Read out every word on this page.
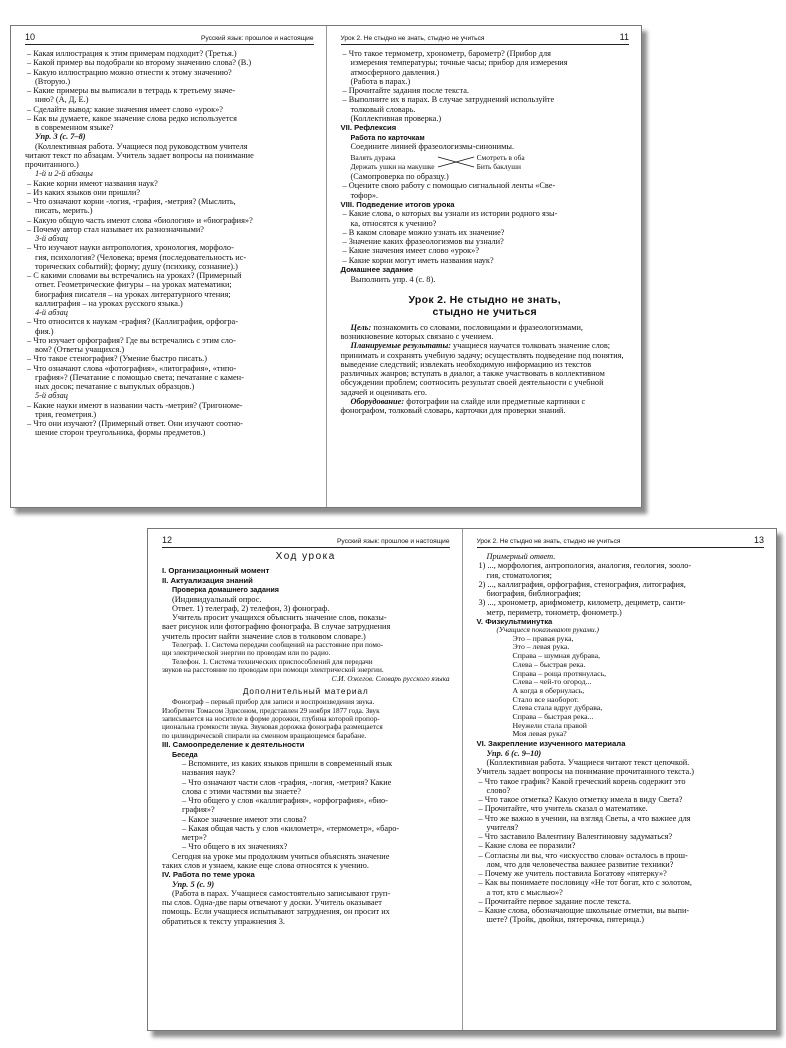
10	Русский язык: прошлое и настоящие

– Какая иллюстрация к этим примерам подходит? (Третья.)

– Какой пример вы подобрали ко второму значению слова? (В.)

– Какую иллюстрацию можно отнести к этому значению?

(Вторую.)

– Какие примеры вы выписали в тетрадь к третьему значе-

нию? (А, Д, Е.)

– Сделайте вывод: какие значения имеет слово «урок»?

– Как вы думаете, какое значение слова редко используется

в современном языке?

Упр. 3 (с. 7–8)

(Коллективная работа. Учащиеся под руководством учителя

читают текст по абзацам. Учитель задает вопросы на понимание

прочитанного.)

1-й и 2-й абзацы

– Какие корни имеют названия наук?

– Из каких языков они пришли?

– Что означают корни -логия, -графия, -метрия? (Мыслить,

писать, мерить.)

– Какую общую часть имеют слова «биология» и «биография»?

– Почему автор стал называет их разнозначными?

3-й абзац

– Что изучают науки антропология, хронология, морфоло-

гия, психология? (Человека; время (последовательность ис-

торических событий); форму; душу (психику, сознание).)

– С какими словами вы встречались на уроках? (Примерный

ответ. Геометрические фигуры – на уроках математики;

биография писателя – на уроках литературного чтения;

каллиграфия – на уроках русского языка.)

4-й абзац

– Что относится к наукам -графия? (Каллиграфия, орфогра-

фия.)

– Что изучает орфография? Где вы встречались с этим сло-

вом? (Ответы учащихся.)

– Что такое стенография? (Умение быстро писать.)

– Что означают слова «фотография», «литография», «типо-

графия»? (Печатание с помощью света; печатание с камен-

ных досок; печатание с выпуклых образцов.)

5-й абзац

– Какие науки имеют в названии часть -метрия? (Тригономе-

трия, геометрия.)

– Что они изучают? (Примерный ответ. Они изучают соотно-

шение сторон треугольника, формы предметов.)

Урок 2. Не стыдно не знать, стыдно не учиться	11

– Что такое термометр, хронометр, барометр? (Прибор для

измерения температуры; точные часы; прибор для измерения

атмосферного давления.)

(Работа в парах.)

– Прочитайте задания после текста.

– Выполните их в парах. В случае затруднений используйте

толковый словарь.

(Коллективная проверка.)

VII. Рефлексия

Работа по карточкам

Соедините линией фразеологизмы-синонимы.

Валять дурака
Держать ушки на макушке
Смотреть в оба
Бить баклуши

(Самопроверка по образцу.)

– Оцените свою работу с помощью сигнальной ленты «Све-

тофор».

VIII. Подведение итогов урока

– Какие слова, о которых вы узнали из истории родного язы-

ка, относятся к учению?

– В каком словаре можно узнать их значение?

– Значение каких фразеологизмов вы узнали?

– Какие значения имеет слово «урок»?

– Какие корни могут иметь названия наук?

Домашнее задание

Выполнить упр. 4 (с. 8).

Урок 2. Не стыдно не знать,
стыдно не учиться

Цель: познакомить со словами, пословицами и фразеологизмами, возникновение которых связано с учением.

Планируемые результаты: учащиеся научатся толковать значение слов; принимать и сохранять учебную задачу; осуществлять подведение под понятия, выведение следствий; извлекать необходимую информацию из текстов различных жанров; вступать в диалог, а также участвовать в коллективном обсуждении проблем; соотносить результат своей деятельности с учебной задачей и оценивать его.

Оборудование: фотографии на слайде или предметные картинки с фонографом, толковый словарь, карточки для проверки знаний.

12	Русский язык: прошлое и настоящие
Ход урока

I. Организационный момент

II. Актуализация знаний

Проверка домашнего задания

(Индивидуальный опрос.

Ответ. 1) телеграф, 2) телефон, 3) фонограф.

Учитель просит учащихся объяснить значение слов, показы-

вает рисунок или фотографию фонографа. В случае затруднения

учитель просит найти значение слов в толковом словаре.)

Телеграф. 1. Система передачи сообщений на расстояние при помо-

щи электрической энергии по проводам или по радио.

Телефон. 1. Система технических приспособлений для передачи

звуков на расстояние по проводам при помощи электрической энергии.

С.И. Ожегов. Словарь русского языка

Дополнительный материал

Фонограф – первый прибор для записи и воспроизведения звука.

Изобретен Томасом Эдисоном, представлен 29 ноября 1877 года. Звук

записывается на носителе в форме дорожки, глубина которой пропор-

циональна громкости звука. Звуковая дорожка фонографа размещается

по цилиндрической спирали на сменном вращающемся барабане.

III. Самоопределение к деятельности

Беседа

– Вспомните, из каких языков пришли в современный язык

названия наук?

– Что означают части слов -графия, -логия, -метрия? Какие

слова с этими частями вы знаете?

– Что общего у слов «каллиграфия», «орфография», «био-

графия»?

– Какое значение имеют эти слова?

– Какая общая часть у слов «километр», «термометр», «баро-

метр»?

– Что общего в их значениях?

Сегодня на уроке мы продолжим учиться объяснять значение

таких слов и узнаем, какие еще слова относятся к учению.

IV. Работа по теме урока

Упр. 5 (с. 9)

(Работа в парах. Учащиеся самостоятельно записывают груп-

пы слов. Одна-две пары отвечают у доски. Учитель оказывает

помощь. Если учащиеся испытывают затруднения, он просит их

обратиться к тексту упражнения 3.

Урок 2. Не стыдно не знать, стыдно не учиться	13

Примерный ответ.

1) ..., морфология, антропология, аналогия, геология, зооло-

гия, стоматология;

2) ..., каллиграфия, орфография, стенография, литография,

биография, библиография;

3) ..., хронометр, арифмометр, километр, дециметр, санти-

метр, периметр, тонометр, фонометр.)

V. Физкультминутка

(Учащиеся показывают руками.)

Это – правая рука,

Это – левая рука.

Справа – шумная дубрава,

Слева – быстрая река.

Справа – роща протянулась,

Слева – чей-то огород...

А когда я обернулась,

Стало все наоборот.

Слева стала вдруг дубрава,

Справа – быстрая река...

Неужели стала правой

Моя левая рука?

VI. Закрепление изученного материала

Упр. 6 (с. 9–10)

(Коллективная работа. Учащиеся читают текст цепочкой.

Учитель задает вопросы на понимание прочитанного текста.)

– Что такое график? Какой греческий корень содержит это

слово?

– Что такое отметка? Какую отметку имела в виду Света?

– Прочитайте, что учитель сказал о математике.

– Что же важно в учении, на взгляд Светы, а что важнее для

учителя?

– Что заставило Валентину Валентиновну задуматься?

– Какие слова ее поразили?

– Согласны ли вы, что «искусство слова» осталось в прош-

лом, что для человечества важнее развитие техники?

– Почему же учитель поставила Богатову «пятерку»?

– Как вы понимаете пословицу «Не тот богат, кто с золотом,

а тот, кто с мыслью»?

– Прочитайте первое задание после текста.

– Какие слова, обозначающие школьные отметки, вы выпи-

шете? (Тройк, двойки, пятерочка, пятерица.)
